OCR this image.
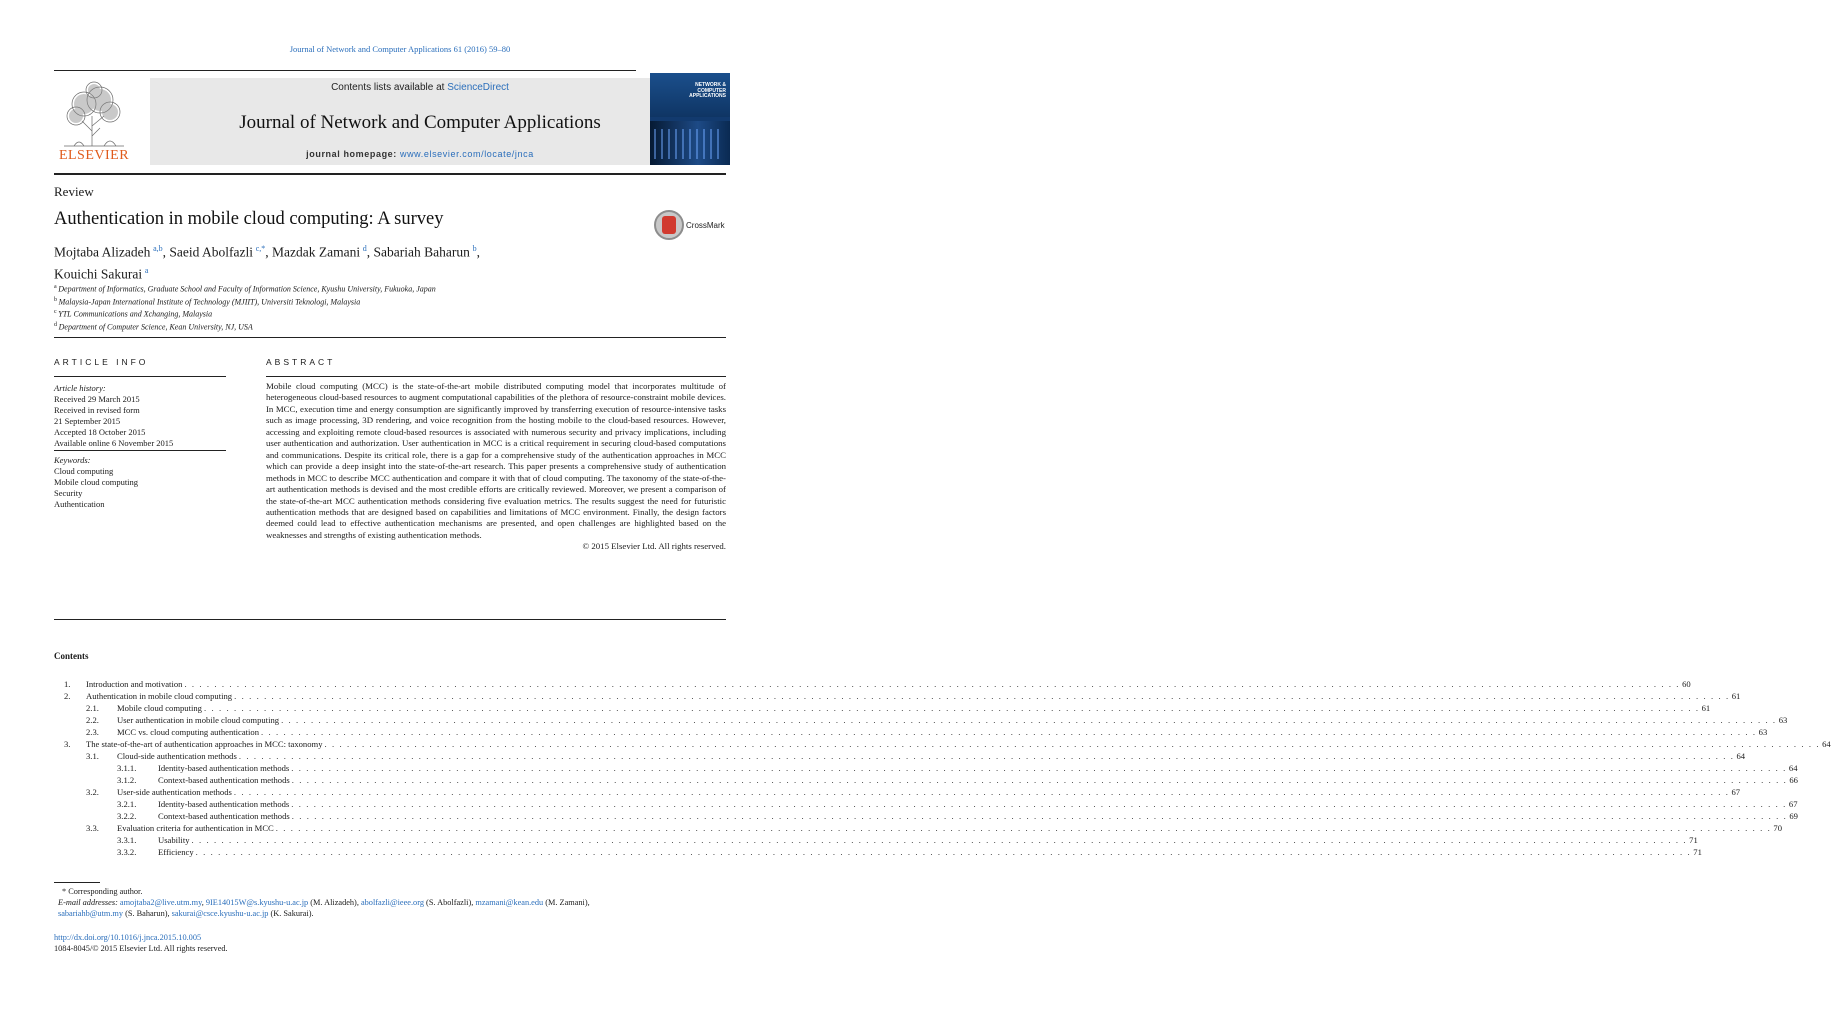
Journal of Network and Computer Applications 61 (2016) 59–80
ELSEVIER
Contents lists available at ScienceDirect
Journal of Network and Computer Applications
journal homepage: www.elsevier.com/locate/jnca
NETWORK & COMPUTER APPLICATIONS
Review
Authentication in mobile cloud computing: A survey	CrossMark
Mojtaba Alizadeh  $^{a,b}$, Saeid Abolfazli  $^{c,*}$, Mazdak Zamani  $^d$, Sabariah Baharun  $^b$,
Kouichi Sakurai  $^a$
$^a$  Department of Informatics, Graduate School and Faculty of Information Science, Kyushu University, Fukuoka, Japan
$^b$  Malaysia-Japan International Institute of Technology (MJIIT), Universiti Teknologi, Malaysia
$^c$  YTL Communications and Xchanging, Malaysia
$^d$  Department of Computer Science, Kean University, NJ, USA
ARTICLE INFO
Article history:
Received 29 March 2015
Received in revised form
21 September 2015
Accepted 18 October 2015
Available online 6 November 2015
Keywords:
Cloud computing
Mobile cloud computing
Security
Authentication
ABSTRACT
Mobile cloud computing (MCC) is the state-of-the-art mobile distributed computing model that incorporates multitude of heterogeneous cloud-based resources to augment computational capabilities of the plethora of resource-constraint mobile devices. In MCC, execution time and energy consumption are significantly improved by transferring execution of resource-intensive tasks such as image processing, 3D rendering, and voice recognition from the hosting mobile to the cloud-based resources. However, accessing and exploiting remote cloud-based resources is associated with numerous security and privacy implications, including user authentication and authorization. User authentication in MCC is a critical requirement in securing cloud-based computations and communications. Despite its critical role, there is a gap for a comprehensive study of the authentication approaches in MCC which can provide a deep insight into the state-of-the-art research. This paper presents a comprehensive study of authentication methods in MCC to describe MCC authentication and compare it with that of cloud computing. The taxonomy of the state-of-the-art authentication methods is devised and the most credible efforts are critically reviewed. Moreover, we present a comparison of the state-of-the-art MCC authentication methods considering five evaluation metrics. The results suggest the need for futuristic authentication methods that are designed based on capabilities and limitations of MCC environment. Finally, the design factors deemed could lead to effective authentication mechanisms are presented, and open challenges are highlighted based on the weaknesses and strengths of existing authentication methods.
© 2015 Elsevier Ltd. All rights reserved.
Contents
1.	Introduction and motivation . . . . . . . . . . . . . . . . . . . . . . . . . . . . . . . . . . . . . . . . . . . . . . . . . . . . . . . . . . . . . . . . . . . . . . . . . . . . . . . . . . . . . . . . . . . . . . . . . . . . . . . . . . . . . . . . . . . . . . . . . . . . . . . . . . . . . . . . . . . . . . . . . . . . . . . . . . . . . . . . . . . . . . . . . . . . . . . . . . . . . . . . . . . . . . . . . . . . . . . . 60
2.	Authentication in mobile cloud computing . . . . . . . . . . . . . . . . . . . . . . . . . . . . . . . . . . . . . . . . . . . . . . . . . . . . . . . . . . . . . . . . . . . . . . . . . . . . . . . . . . . . . . . . . . . . . . . . . . . . . . . . . . . . . . . . . . . . . . . . . . . . . . . . . . . . . . . . . . . . . . . . . . . . . . . . . . . . . . . . . . . . . . . . . . . . . . . . . . . . . . . . . . . . . . . . . . . . . . . . 61
2.1.	Mobile cloud computing . . . . . . . . . . . . . . . . . . . . . . . . . . . . . . . . . . . . . . . . . . . . . . . . . . . . . . . . . . . . . . . . . . . . . . . . . . . . . . . . . . . . . . . . . . . . . . . . . . . . . . . . . . . . . . . . . . . . . . . . . . . . . . . . . . . . . . . . . . . . . . . . . . . . . . . . . . . . . . . . . . . . . . . . . . . . . . . . . . . . . . . . . . . . . . . . . . . . . . . . 61
2.2.	User authentication in mobile cloud computing . . . . . . . . . . . . . . . . . . . . . . . . . . . . . . . . . . . . . . . . . . . . . . . . . . . . . . . . . . . . . . . . . . . . . . . . . . . . . . . . . . . . . . . . . . . . . . . . . . . . . . . . . . . . . . . . . . . . . . . . . . . . . . . . . . . . . . . . . . . . . . . . . . . . . . . . . . . . . . . . . . . . . . . . . . . . . . . . . . . . . . . . . . . . . . . . . . . . . . . . 63
2.3.	MCC vs. cloud computing authentication . . . . . . . . . . . . . . . . . . . . . . . . . . . . . . . . . . . . . . . . . . . . . . . . . . . . . . . . . . . . . . . . . . . . . . . . . . . . . . . . . . . . . . . . . . . . . . . . . . . . . . . . . . . . . . . . . . . . . . . . . . . . . . . . . . . . . . . . . . . . . . . . . . . . . . . . . . . . . . . . . . . . . . . . . . . . . . . . . . . . . . . . . . . . . . . . . . . . . . . . 63
3.	The state-of-the-art of authentication approaches in MCC: taxonomy . . . . . . . . . . . . . . . . . . . . . . . . . . . . . . . . . . . . . . . . . . . . . . . . . . . . . . . . . . . . . . . . . . . . . . . . . . . . . . . . . . . . . . . . . . . . . . . . . . . . . . . . . . . . . . . . . . . . . . . . . . . . . . . . . . . . . . . . . . . . . . . . . . . . . . . . . . . . . . . . . . . . . . . . . . . . . . . . . . . . . . . . . . . . . . . . . . . . . . . . 64
3.1.	Cloud-side authentication methods . . . . . . . . . . . . . . . . . . . . . . . . . . . . . . . . . . . . . . . . . . . . . . . . . . . . . . . . . . . . . . . . . . . . . . . . . . . . . . . . . . . . . . . . . . . . . . . . . . . . . . . . . . . . . . . . . . . . . . . . . . . . . . . . . . . . . . . . . . . . . . . . . . . . . . . . . . . . . . . . . . . . . . . . . . . . . . . . . . . . . . . . . . . . . . . . . . . . . . . . 64
3.1.1.	Identity-based authentication methods . . . . . . . . . . . . . . . . . . . . . . . . . . . . . . . . . . . . . . . . . . . . . . . . . . . . . . . . . . . . . . . . . . . . . . . . . . . . . . . . . . . . . . . . . . . . . . . . . . . . . . . . . . . . . . . . . . . . . . . . . . . . . . . . . . . . . . . . . . . . . . . . . . . . . . . . . . . . . . . . . . . . . . . . . . . . . . . . . . . . . . . . . . . . . . . . . . . . . . . . 64
3.1.2.	Context-based authentication methods . . . . . . . . . . . . . . . . . . . . . . . . . . . . . . . . . . . . . . . . . . . . . . . . . . . . . . . . . . . . . . . . . . . . . . . . . . . . . . . . . . . . . . . . . . . . . . . . . . . . . . . . . . . . . . . . . . . . . . . . . . . . . . . . . . . . . . . . . . . . . . . . . . . . . . . . . . . . . . . . . . . . . . . . . . . . . . . . . . . . . . . . . . . . . . . . . . . . . . . . 66
3.2.	User-side authentication methods . . . . . . . . . . . . . . . . . . . . . . . . . . . . . . . . . . . . . . . . . . . . . . . . . . . . . . . . . . . . . . . . . . . . . . . . . . . . . . . . . . . . . . . . . . . . . . . . . . . . . . . . . . . . . . . . . . . . . . . . . . . . . . . . . . . . . . . . . . . . . . . . . . . . . . . . . . . . . . . . . . . . . . . . . . . . . . . . . . . . . . . . . . . . . . . . . . . . . . . . 67
3.2.1.	Identity-based authentication methods . . . . . . . . . . . . . . . . . . . . . . . . . . . . . . . . . . . . . . . . . . . . . . . . . . . . . . . . . . . . . . . . . . . . . . . . . . . . . . . . . . . . . . . . . . . . . . . . . . . . . . . . . . . . . . . . . . . . . . . . . . . . . . . . . . . . . . . . . . . . . . . . . . . . . . . . . . . . . . . . . . . . . . . . . . . . . . . . . . . . . . . . . . . . . . . . . . . . . . . . 67
3.2.2.	Context-based authentication methods . . . . . . . . . . . . . . . . . . . . . . . . . . . . . . . . . . . . . . . . . . . . . . . . . . . . . . . . . . . . . . . . . . . . . . . . . . . . . . . . . . . . . . . . . . . . . . . . . . . . . . . . . . . . . . . . . . . . . . . . . . . . . . . . . . . . . . . . . . . . . . . . . . . . . . . . . . . . . . . . . . . . . . . . . . . . . . . . . . . . . . . . . . . . . . . . . . . . . . . . 69
3.3.	Evaluation criteria for authentication in MCC . . . . . . . . . . . . . . . . . . . . . . . . . . . . . . . . . . . . . . . . . . . . . . . . . . . . . . . . . . . . . . . . . . . . . . . . . . . . . . . . . . . . . . . . . . . . . . . . . . . . . . . . . . . . . . . . . . . . . . . . . . . . . . . . . . . . . . . . . . . . . . . . . . . . . . . . . . . . . . . . . . . . . . . . . . . . . . . . . . . . . . . . . . . . . . . . . . . . . . . . 70
3.3.1.	Usability . . . . . . . . . . . . . . . . . . . . . . . . . . . . . . . . . . . . . . . . . . . . . . . . . . . . . . . . . . . . . . . . . . . . . . . . . . . . . . . . . . . . . . . . . . . . . . . . . . . . . . . . . . . . . . . . . . . . . . . . . . . . . . . . . . . . . . . . . . . . . . . . . . . . . . . . . . . . . . . . . . . . . . . . . . . . . . . . . . . . . . . . . . . . . . . . . . . . . . . . 71
3.3.2.	Efficiency . . . . . . . . . . . . . . . . . . . . . . . . . . . . . . . . . . . . . . . . . . . . . . . . . . . . . . . . . . . . . . . . . . . . . . . . . . . . . . . . . . . . . . . . . . . . . . . . . . . . . . . . . . . . . . . . . . . . . . . . . . . . . . . . . . . . . . . . . . . . . . . . . . . . . . . . . . . . . . . . . . . . . . . . . . . . . . . . . . . . . . . . . . . . . . . . . . . . . . . . 71
* Corresponding author.
E-mail addresses: amojtaba2@live.utm.my, 9IE14015W@s.kyushu-u.ac.jp (M. Alizadeh), abolfazli@ieee.org (S. Abolfazli), mzamani@kean.edu (M. Zamani),
sabariahb@utm.my (S. Baharun), sakurai@csce.kyushu-u.ac.jp (K. Sakurai).
http://dx.doi.org/10.1016/j.jnca.2015.10.005
1084-8045/© 2015 Elsevier Ltd. All rights reserved.
